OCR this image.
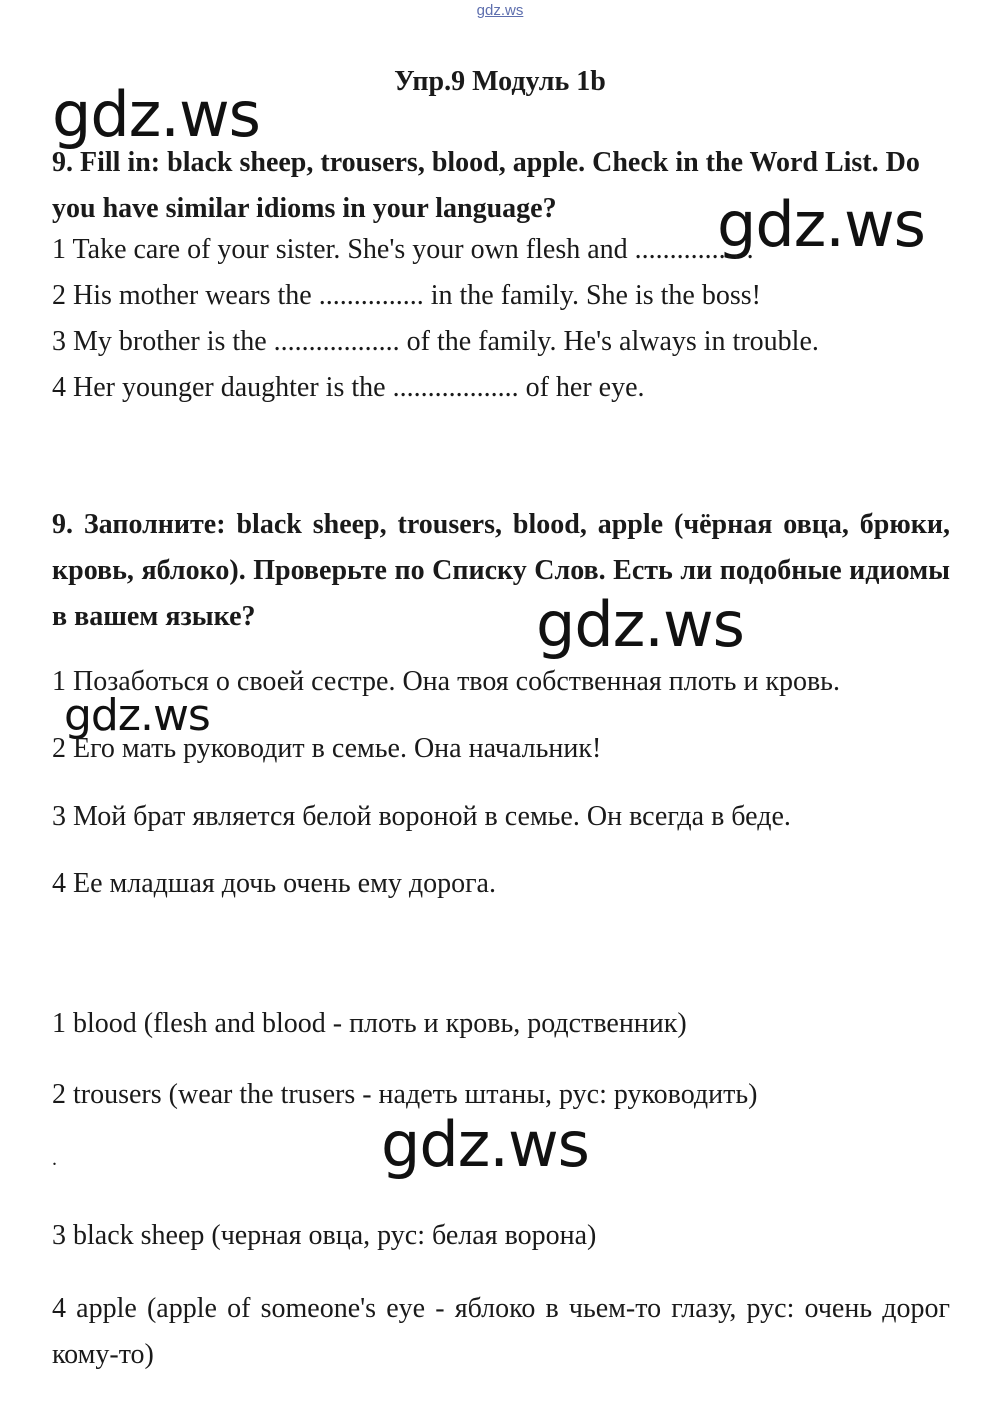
gdz.ws
Упр.9 Модуль 1b
gdz.ws
gdz.ws
gdz.ws
gdz.ws
gdz.ws
9. Fill in: black sheep, trousers, blood, apple. Check in the Word List. Do you have similar idioms in your language?
1 Take care of your sister. She's your own flesh and ............... .
2 His mother wears the ............... in the family. She is the boss!
3 My brother is the .................. of the family. He's always in trouble.
4 Her younger daughter is the .................. of her eye.
9. Заполните: black sheep, trousers, blood, apple (чёрная овца, брюки, кровь, яблоко). Проверьте по Списку Слов. Есть ли подобные идиомы в вашем языке?
1 Позаботься о своей сестре. Она твоя собственная плоть и кровь.
2 Его мать руководит в семье. Она начальник!
3 Мой брат является белой вороной в семье. Он всегда в беде.
4 Ее младшая дочь очень ему дорога.
1 blood (flesh and blood - плоть и кровь, родственник)
2 trousers (wear the trusers - надеть штаны, рус: руководить)
.
3 black sheep (черная овца, рус: белая ворона)
4 apple (apple of someone's eye - яблоко в чьем-то глазу, рус: очень дорог кому-то)
